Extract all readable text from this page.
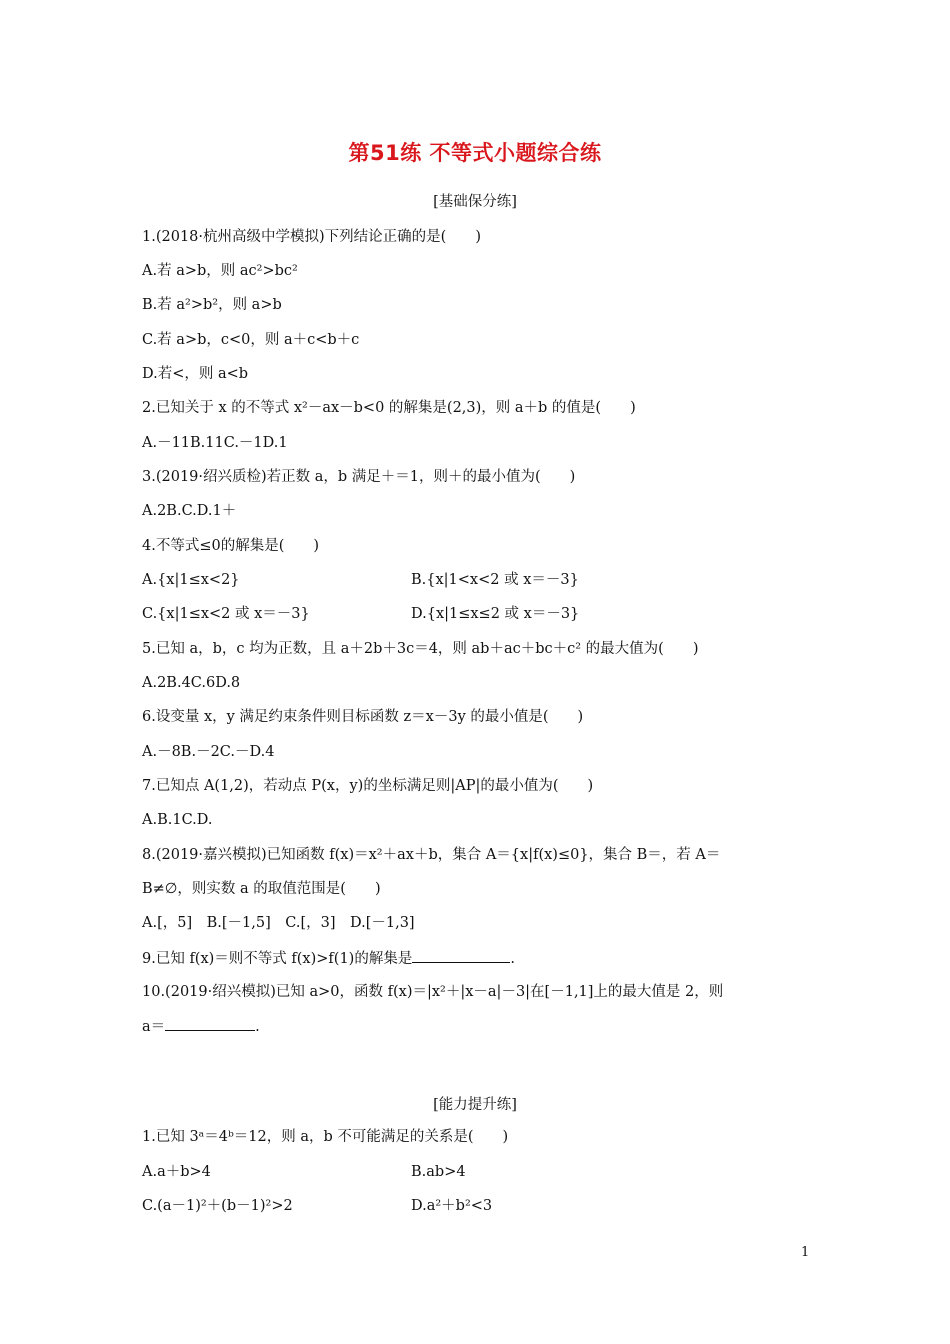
第51练 不等式小题综合练
[基础保分练]
1.(2018·杭州高级中学模拟)下列结论正确的是(　　)
A.若 a>b，则 ac²>bc²
B.若 a²>b²，则 a>b
C.若 a>b，c<0，则 a＋c<b＋c
D.若<，则 a<b
2.已知关于 x 的不等式 x²－ax－b<0 的解集是(2,3)，则 a＋b 的值是(　　)
A.－11B.11C.－1D.1
3.(2019·绍兴质检)若正数 a，b 满足＋＝1，则＋的最小值为(　　)
A.2B.C.D.1＋
4.不等式≤0的解集是(　　)
A.{x|1≤x<2}	B.{x|1<x<2 或 x＝－3}
C.{x|1≤x<2 或 x＝－3}	D.{x|1≤x≤2 或 x＝－3}
5.已知 a，b，c 均为正数，且 a＋2b＋3c＝4，则 ab＋ac＋bc＋c² 的最大值为(　　)
A.2B.4C.6D.8
6.设变量 x，y 满足约束条件则目标函数 z＝x－3y 的最小值是(　　)
A.－8B.－2C.－D.4
7.已知点 A(1,2)，若动点 P(x，y)的坐标满足则|AP|的最小值为(　　)
A.B.1C.D.
8.(2019·嘉兴模拟)已知函数 f(x)＝x²＋ax＋b，集合 A＝{x|f(x)≤0}，集合 B＝，若 A＝
B≠∅，则实数 a 的取值范围是(　　)
A.[，5]　B.[－1,5]　C.[，3]　D.[－1,3]
9.已知 f(x)＝则不等式 f(x)>f(1)的解集是	.
10.(2019·绍兴模拟)已知 a>0，函数 f(x)＝|x²＋|x－a|－3|在[－1,1]上的最大值是 2，则
a＝	.
[能力提升练]
1.已知 3ᵃ＝4ᵇ＝12，则 a，b 不可能满足的关系是(　　)
A.a＋b>4	B.ab>4
C.(a－1)²＋(b－1)²>2	D.a²＋b²<3
1
